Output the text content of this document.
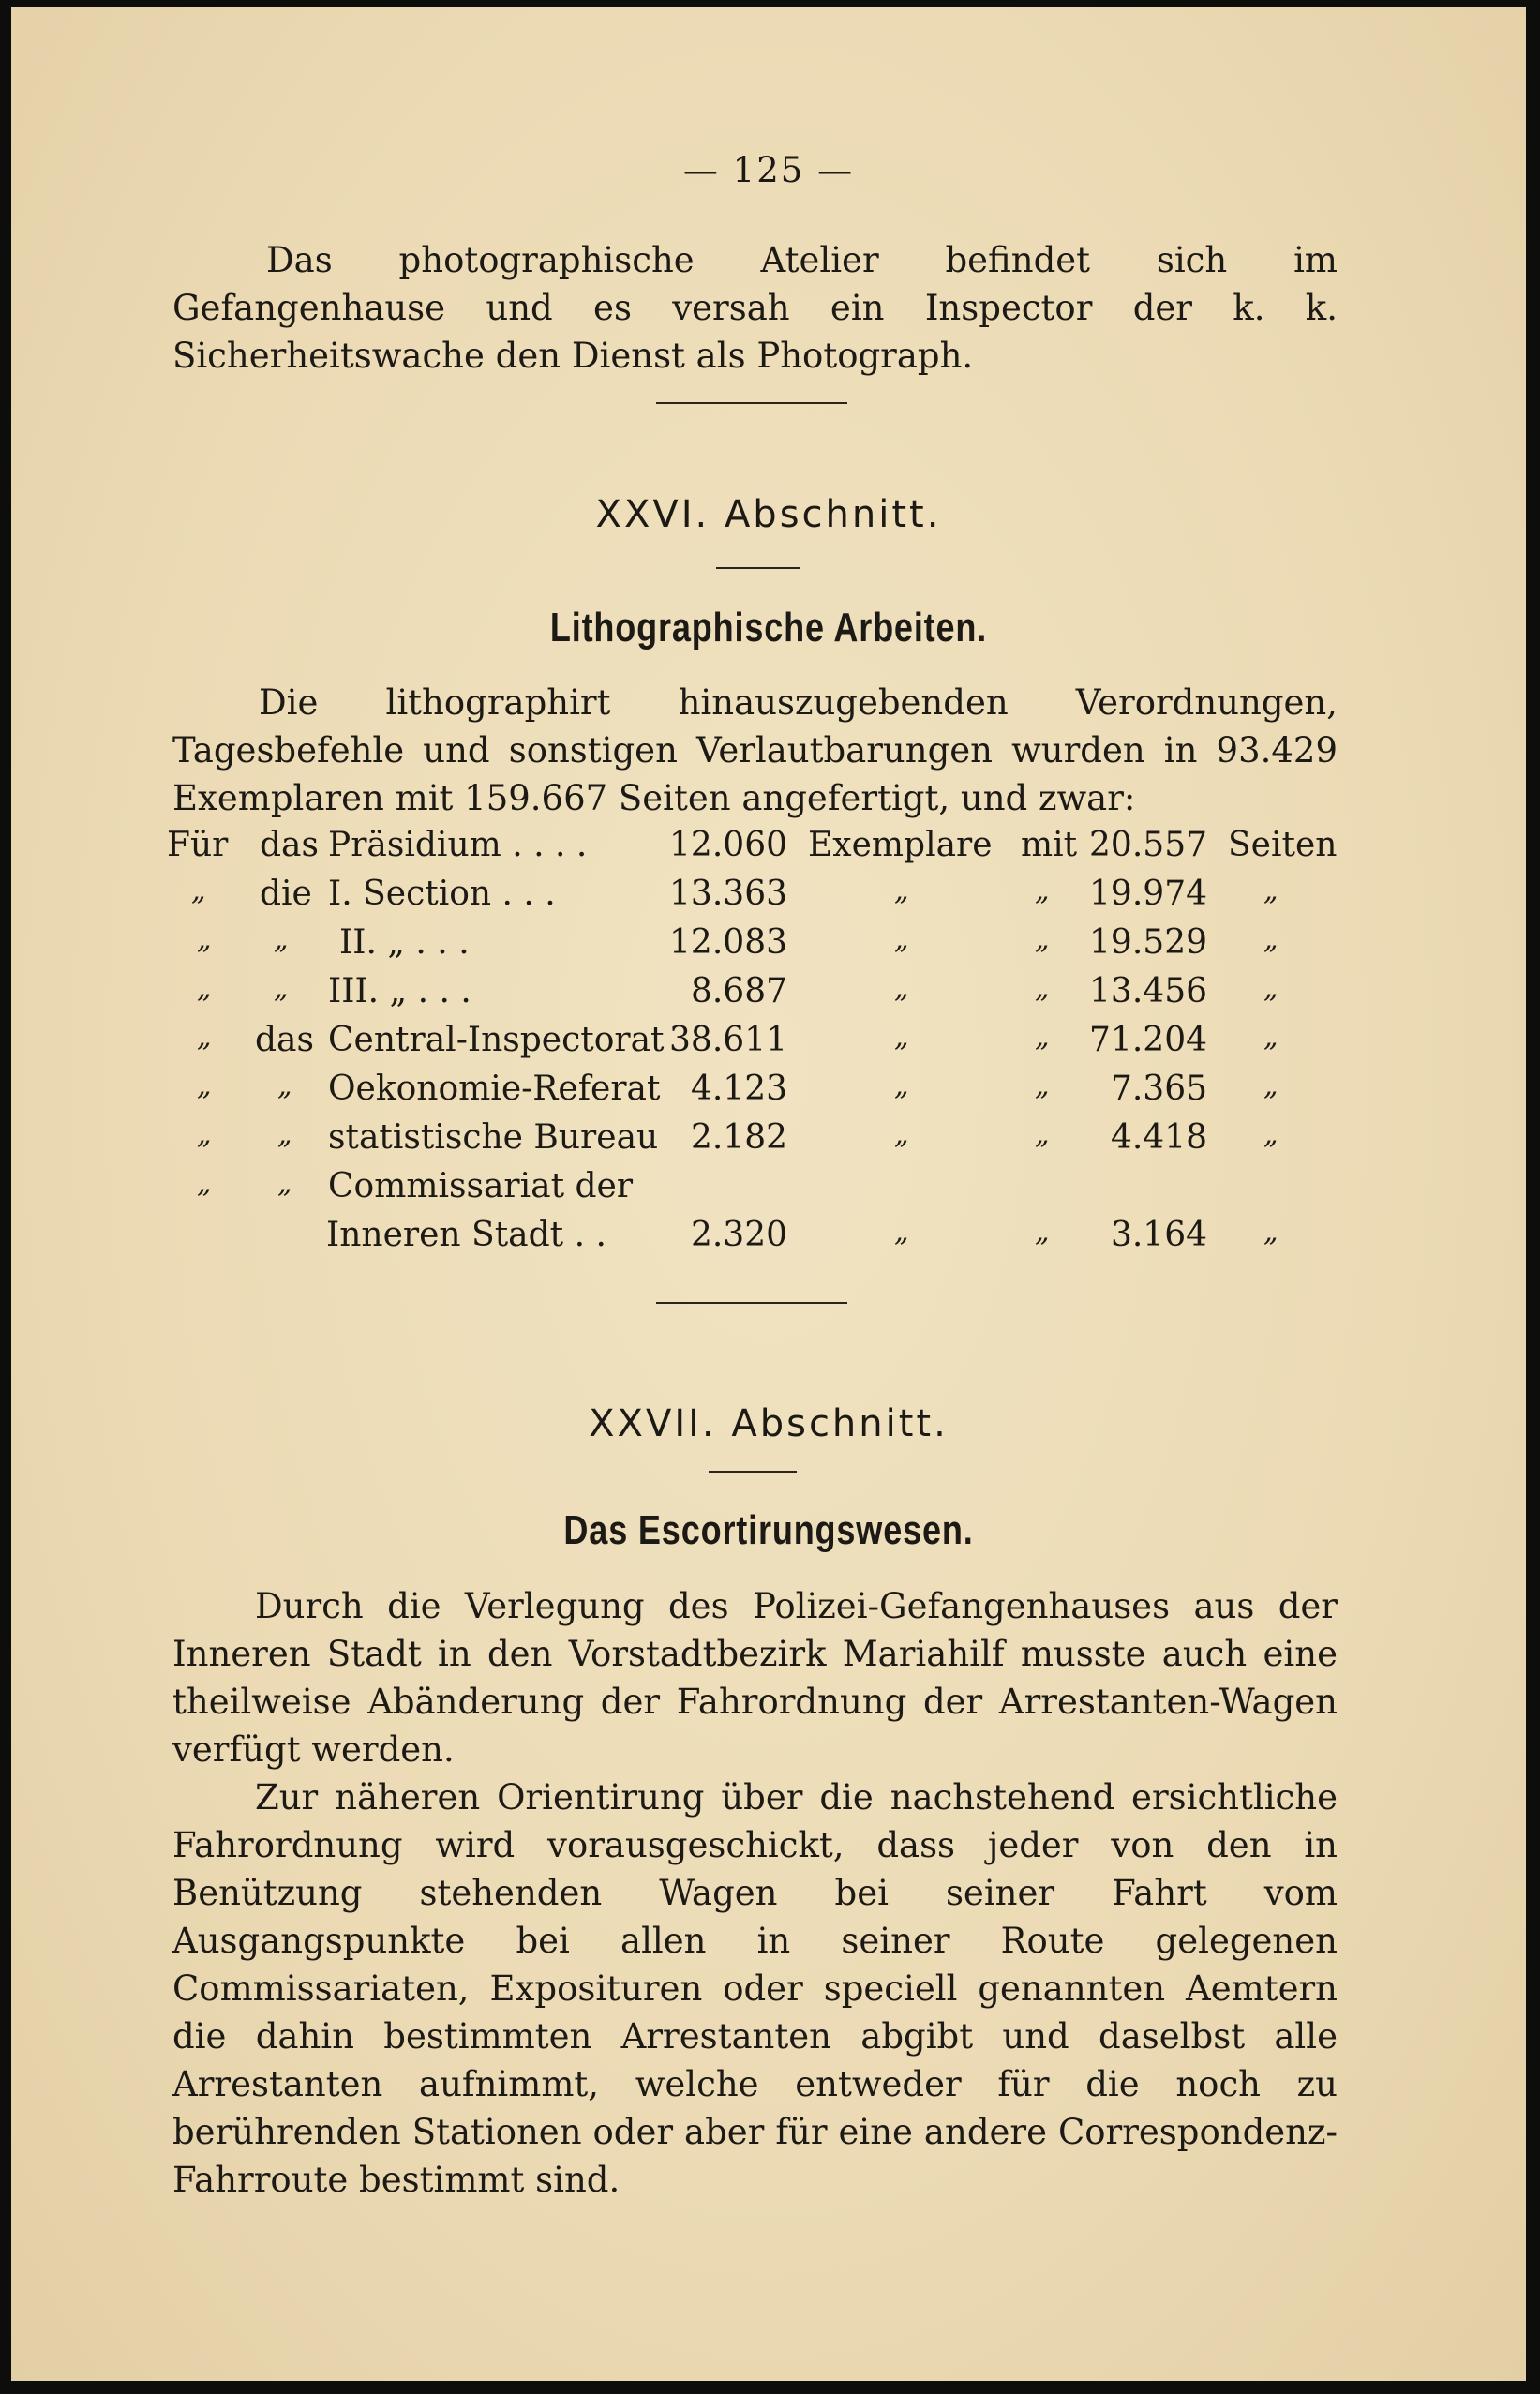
— 125 —

Das photographische Atelier befindet sich im Gefangenhause und es versah ein Inspector der k. k. Sicherheitswache den Dienst als Photograph.

XXVI. Abschnitt.
Lithographische Arbeiten.

Die lithographirt hinauszugebenden Verordnungen, Tagesbefehle und sonstigen Verlautbarungen wurden in 93.429 Exemplaren mit 159.667 Seiten angefertigt, und zwar:

Für das Präsidium . . . .	12.060 Exemplare mit 20.557 Seiten
„ die I. Section . . .	13.363	„	„	19.974 „
„ „ II. „ . . .	12.083	„	„	19.529 „
„ „ III. „ . . .	8.687	„	„	13.456 „
„ das Central-Inspectorat 38.611	„	„	71.204 „
„ „ Oekonomie-Referat 4.123	„	„	7.365 „
„ „ statistische Bureau 2.182	„	„	4.418 „
„ „ Commissariat der
Inneren Stadt . .	2.320	„	„	3.164 „
XXVII. Abschnitt.
Das Escortirungswesen.

Durch die Verlegung des Polizei-Gefangenhauses aus der Inneren Stadt in den Vorstadtbezirk Mariahilf musste auch eine theilweise Abänderung der Fahrordnung der Arrestanten-Wagen verfügt werden.

Zur näheren Orientirung über die nachstehend ersichtliche Fahrordnung wird vorausgeschickt, dass jeder von den in Benützung stehenden Wagen bei seiner Fahrt vom Ausgangspunkte bei allen in seiner Route gelegenen Commissariaten, Exposituren oder speciell genannten Aemtern die dahin bestimmten Arrestanten abgibt und daselbst alle Arrestanten aufnimmt, welche entweder für die noch zu berührenden Stationen oder aber für eine andere Correspondenz-Fahrroute bestimmt sind.
